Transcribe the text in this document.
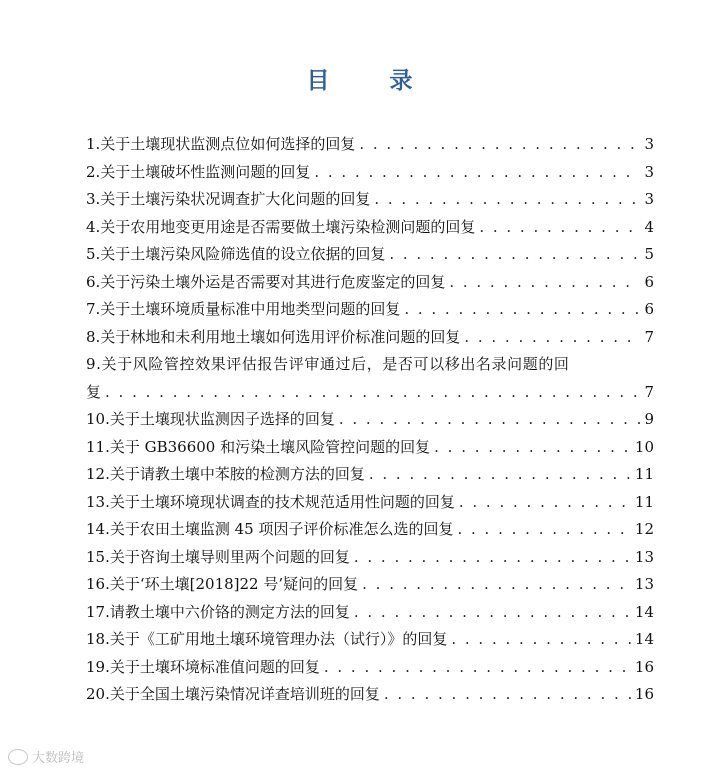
目 录
1.关于土壤现状监测点位如何选择的回复 . . .	3
2.关于土壤破坏性监测问题的回复 . . .	3
3.关于土壤污染状况调查扩大化问题的回复 . . .	3
4.关于农用地变更用途是否需要做土壤污染检测问题的回复 . . .	4
5.关于土壤污染风险筛选值的设立依据的回复 . . .	5
6.关于污染土壤外运是否需要对其进行危废鉴定的回复 . . .	6
7.关于土壤环境质量标准中用地类型问题的回复 . . .	6
8.关于林地和未利用地土壤如何选用评价标准问题的回复 . . .	7
9.关于风险管控效果评估报告评审通过后，是否可以移出名录问题的回
复 . . .	7
10.关于土壤现状监测因子选择的回复 . . .	9
11.关于 GB36600 和污染土壤风险管控问题的回复 . . .	10
12.关于请教土壤中苯胺的检测方法的回复 . . .	11
13.关于土壤环境现状调查的技术规范适用性问题的回复 . . .	11
14.关于农田土壤监测 45 项因子评价标准怎么选的回复 . . .	12
15.关于咨询土壤导则里两个问题的回复 . . .	13
16.关于‘环土壤[2018]22 号’疑问的回复 . . .	13
17.请教土壤中六价铬的测定方法的回复 . . .	14
18.关于《工矿用地土壤环境管理办法（试行）》的回复 . . .	14
19.关于土壤环境标准值问题的回复 . . .	16
20.关于全国土壤污染情况详查培训班的回复 . . .	16
大数跨境
